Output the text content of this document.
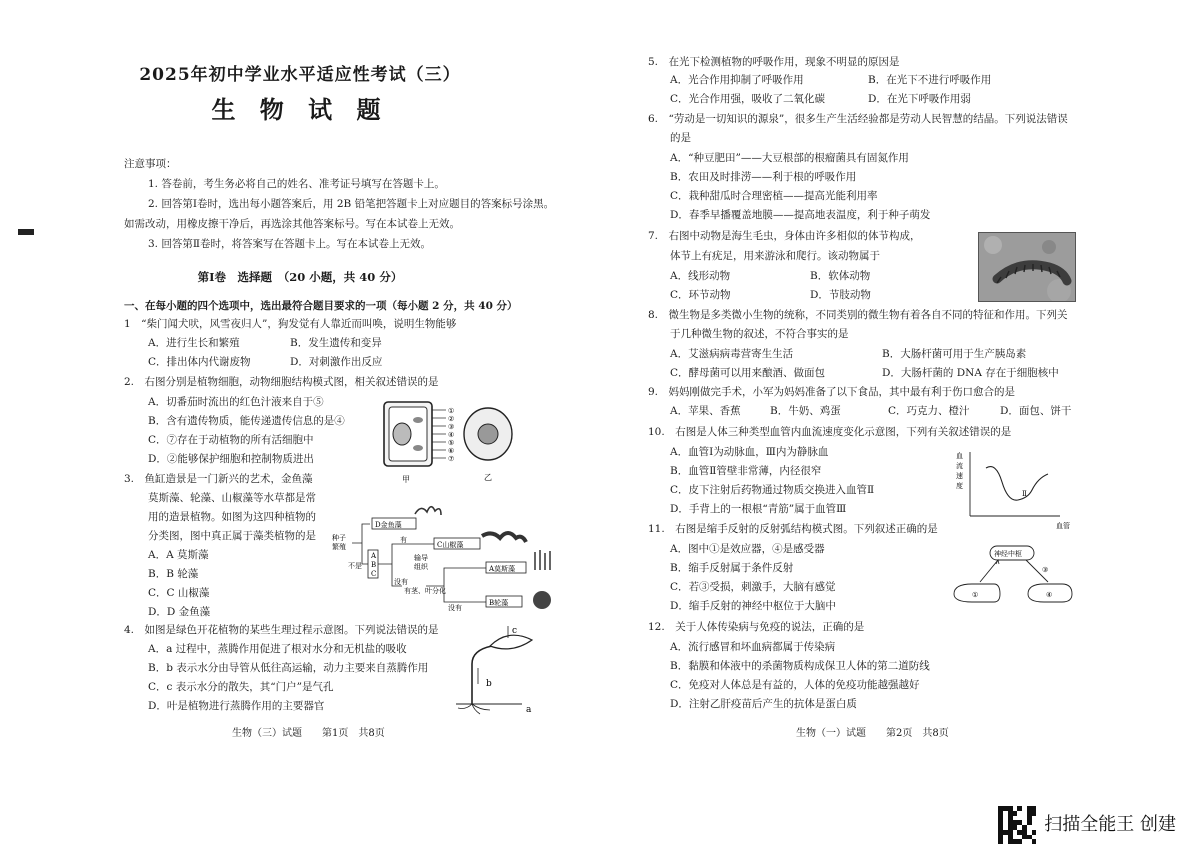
2025年初中学业水平适应性考试（三）
生 物 试 题
注意事项：
1. 答卷前，考生务必将自己的姓名、准考证号填写在答题卡上。
2. 回答第Ⅰ卷时，选出每小题答案后，用 2B 铅笔把答题卡上对应题目的答案标号涂黑。
如需改动，用橡皮擦干净后，再选涂其他答案标号。写在本试卷上无效。
3. 回答第Ⅱ卷时，将答案写在答题卡上。写在本试卷上无效。
第Ⅰ卷　选择题　（20 小题，共 40 分）
一、在每小题的四个选项中，选出最符合题目要求的一项（每小题 2 分，共 40 分）
1　“柴门闻犬吠，风雪夜归人”，狗发觉有人靠近而叫唤，说明生物能够
A．进行生长和繁殖	B．发生遗传和变异
C．排出体内代谢废物	D．对刺激作出反应
2.　右图分别是植物细胞，动物细胞结构模式图，相关叙述错误的是
A．切番茄时流出的红色汁液来自于⑤
B．含有遗传物质，能传递遗传信息的是④
C．⑦存在于动植物的所有活细胞中
D．②能够保护细胞和控制物质进出
①
②
③
④
⑤
⑥
⑦
甲	乙
3.　鱼缸造景是一门新兴的艺术，金鱼藻
莫斯藻、轮藻、山椒藻等水草都是常
用的造景植物。如图为这四种植物的
分类图，图中真正属于藻类植物的是
A．A 莫斯藻
B．B 轮藻
C．C 山椒藻
D．D 金鱼藻
种子
繁殖
D金鱼藻
不是
A
B
C
有
C山椒藻
输导
组织
没有
有茎、叶分化
A莫斯藻
没有
B轮藻
4.　如图是绿色开花植物的某些生理过程示意图。下列说法错误的是
A．a 过程中，蒸腾作用促进了根对水分和无机盐的吸收
B．b 表示水分由导管从低往高运输，动力主要来自蒸腾作用
C．c 表示水分的散失，其“门户”是气孔
D．叶是植物进行蒸腾作用的主要器官
c
b
a
生物（三）试题　　第1页　共8页
5.　在光下检测植物的呼吸作用，现象不明显的原因是
A．光合作用抑制了呼吸作用	B．在光下不进行呼吸作用
C．光合作用强，吸收了二氧化碳	D．在光下呼吸作用弱
6.　“劳动是一切知识的源泉”，很多生产生活经验都是劳动人民智慧的结晶。下列说法错误
的是
A．“种豆肥田”——大豆根部的根瘤菌具有固氮作用
B．农田及时排涝——利于根的呼吸作用
C．栽种甜瓜时合理密植——提高光能利用率
D．春季早播覆盖地膜——提高地表温度，利于种子萌发
7.　右图中动物是海生毛虫，身体由许多相似的体节构成，
体节上有疣足，用来游泳和爬行。该动物属于
A．线形动物	B．软体动物
C．环节动物	D．节肢动物
8.　微生物是多类微小生物的统称，不同类别的微生物有着各自不同的特征和作用。下列关
于几种微生物的叙述，不符合事实的是
A．艾滋病病毒营寄生生活	B．大肠杆菌可用于生产胰岛素
C．酵母菌可以用来酿酒、做面包	D．大肠杆菌的 DNA 存在于细胞核中
9.　妈妈刚做完手术，小军为妈妈准备了以下食品，其中最有利于伤口愈合的是
A．苹果、香蕉	B．牛奶、鸡蛋	C．巧克力、橙汁	D．面包、饼干
10.　右图是人体三种类型血管内血流速度变化示意图，下列有关叙述错误的是
A．血管Ⅰ为动脉血，Ⅲ内为静脉血
B．血管Ⅱ管壁非常薄，内径很窄
C．皮下注射后药物通过物质交换进入血管Ⅱ
D．手背上的一根根“青筋”属于血管Ⅲ
血
流
速
度
Ⅱ
血管
11.　右图是缩手反射的反射弧结构模式图。下列叙述正确的是
A．图中①是效应器，④是感受器
B．缩手反射属于条件反射
C．若③受损，刺激手，大脑有感觉
D．缩手反射的神经中枢位于大脑中
神经中枢
③
①	④
12.　关于人体传染病与免疫的说法，正确的是
A．流行感冒和坏血病都属于传染病
B．黏膜和体液中的杀菌物质构成保卫人体的第二道防线
C．免疫对人体总是有益的，人体的免疫功能越强越好
D．注射乙肝疫苗后产生的抗体是蛋白质
生物（一）试题　　第2页　共8页
扫描全能王 创建
